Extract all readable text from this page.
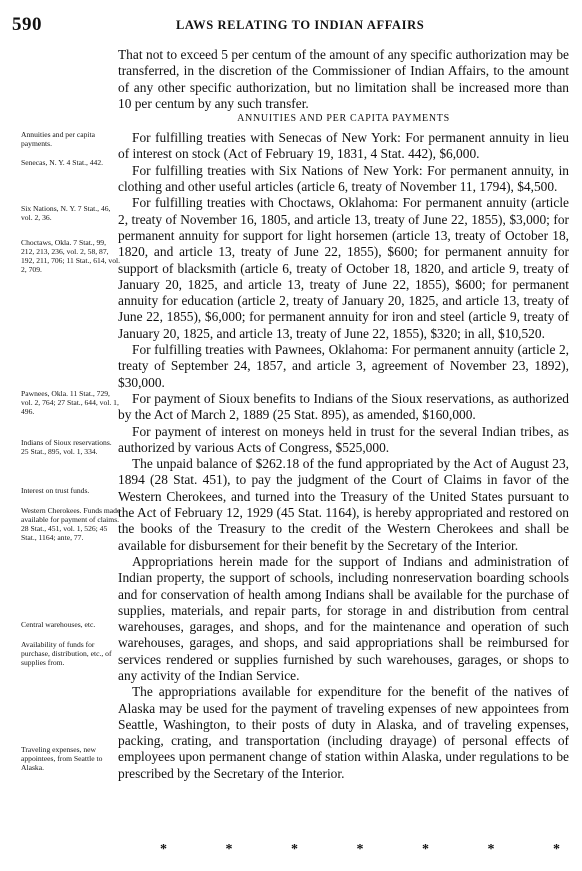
590	LAWS RELATING TO INDIAN AFFAIRS
Annuities and per capita payments.
Senecas, N. Y. 4 Stat., 442.
Six Nations, N. Y. 7 Stat., 46, vol. 2, 36.
Choctaws, Okla. 7 Stat., 99, 212, 213, 236, vol. 2, 58, 87, 192, 211, 706; 11 Stat., 614, vol. 2, 709.
Pawnees, Okla. 11 Stat., 729, vol. 2, 764; 27 Stat., 644, vol. 1, 496.
Indians of Sioux reservations. 25 Stat., 895, vol. 1, 334.
Interest on trust funds.
Western Cherokees. Funds made available for payment of claims. 28 Stat., 451, vol. 1, 526; 45 Stat., 1164; ante, 77.
Central warehouses, etc.
Availability of funds for purchase, distribution, etc., of supplies from.
Traveling expenses, new appointees, from Seattle to Alaska.

That not to exceed 5 per centum of the amount of any specific authorization may be transferred, in the discretion of the Commissioner of Indian Affairs, to the amount of any other specific authorization, but no limitation shall be increased more than 10 per centum by any such transfer.

ANNUITIES AND PER CAPITA PAYMENTS

For fulfilling treaties with Senecas of New York: For permanent annuity in lieu of interest on stock (Act of February 19, 1831, 4 Stat. 442), $6,000.

For fulfilling treaties with Six Nations of New York: For permanent annuity, in clothing and other useful articles (article 6, treaty of November 11, 1794), $4,500.

For fulfilling treaties with Choctaws, Oklahoma: For permanent annuity (article 2, treaty of November 16, 1805, and article 13, treaty of June 22, 1855), $3,000; for permanent annuity for support for light horsemen (article 13, treaty of October 18, 1820, and article 13, treaty of June 22, 1855), $600; for permanent annuity for support of blacksmith (article 6, treaty of October 18, 1820, and article 9, treaty of January 20, 1825, and article 13, treaty of June 22, 1855), $600; for permanent annuity for education (article 2, treaty of January 20, 1825, and article 13, treaty of June 22, 1855), $6,000; for permanent annuity for iron and steel (article 9, treaty of January 20, 1825, and article 13, treaty of June 22, 1855), $320; in all, $10,520.

For fulfilling treaties with Pawnees, Oklahoma: For permanent annuity (article 2, treaty of September 24, 1857, and article 3, agreement of November 23, 1892), $30,000.

For payment of Sioux benefits to Indians of the Sioux reservations, as authorized by the Act of March 2, 1889 (25 Stat. 895), as amended, $160,000.

For payment of interest on moneys held in trust for the several Indian tribes, as authorized by various Acts of Congress, $525,000.

The unpaid balance of $262.18 of the fund appropriated by the Act of August 23, 1894 (28 Stat. 451), to pay the judgment of the Court of Claims in favor of the Western Cherokees, and turned into the Treasury of the United States pursuant to the Act of February 12, 1929 (45 Stat. 1164), is hereby appropriated and restored on the books of the Treasury to the credit of the Western Cherokees and shall be available for disbursement for their benefit by the Secretary of the Interior.

Appropriations herein made for the support of Indians and administration of Indian property, the support of schools, including nonreservation boarding schools and for conservation of health among Indians shall be available for the purchase of supplies, materials, and repair parts, for storage in and distribution from central warehouses, garages, and shops, and for the maintenance and operation of such warehouses, garages, and shops, and said appropriations shall be reimbursed for services rendered or supplies furnished by such warehouses, garages, or shops to any activity of the Indian Service.

The appropriations available for expenditure for the benefit of the natives of Alaska may be used for the payment of traveling expenses of new appointees from Seattle, Washington, to their posts of duty in Alaska, and of traveling expenses, packing, crating, and transportation (including drayage) of personal effects of employees upon permanent change of station within Alaska, under regulations to be prescribed by the Secretary of the Interior.

*	*	*	*	*	*	*
